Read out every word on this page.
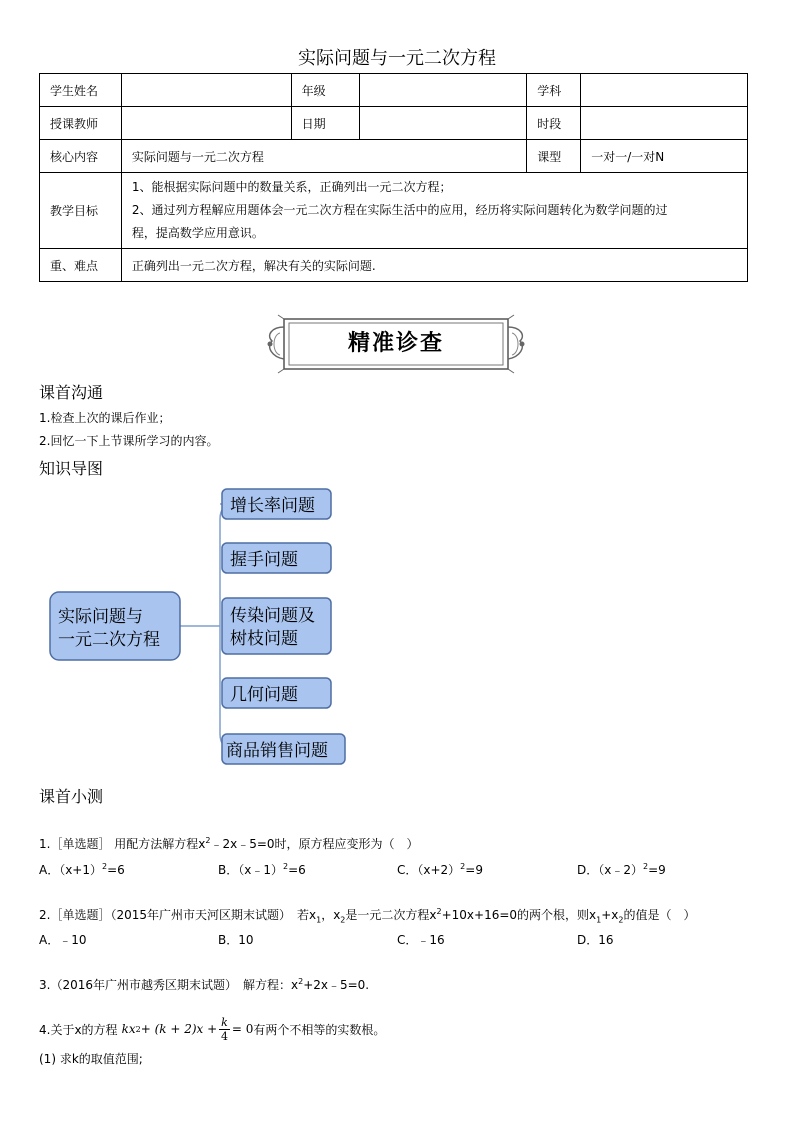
实际问题与一元二次方程
学生姓名		年级		学科	
授课教师		日期		时段	
核心内容	实际问题与一元二次方程			课型	一对一/一对N
教学目标	1、能根据实际问题中的数量关系，正确列出一元二次方程；
2、通过列方程解应用题体会一元二次方程在实际生活中的应用，经历将实际问题转化为数学问题的过
程，提高数学应用意识。				

重、难点	正确列出一元二次方程，解决有关的实际问题.				
精准诊查
课首沟通
1.检查上次的课后作业；
2.回忆一下上节课所学习的内容。
知识导图
实际问题与
一元二次方程
增长率问题
握手问题
传染问题及
树枝问题
几何问题
商品销售问题
课首小测
1.［单选题］ 用配方法解方程$x^2﹣2x﹣5=0$时，原方程应变形为（　）
A．$(x+1)^2=6$	B．（x﹣1）$^2$=6	C．$(x+2)^2=9$	D．（x﹣2）$^2$=9
2.［单选题］（2015年广州市天河区期末试题）　若$x_1$，$x_2$是一元二次方程$x^2+10x+16=0$的两个根，则$x_1+x_2$的值是（　）
A．﹣10	B．10	C．﹣16	D．16
3.（2016年广州市越秀区期末试题）　解方程：$x^2+2x﹣5=0$.
4.关于x的方程 kx $2 + (k + 2)x + \frac{k}{4} = 0$ 有两个不相等的实数根。
(1) 求k的取值范围;
